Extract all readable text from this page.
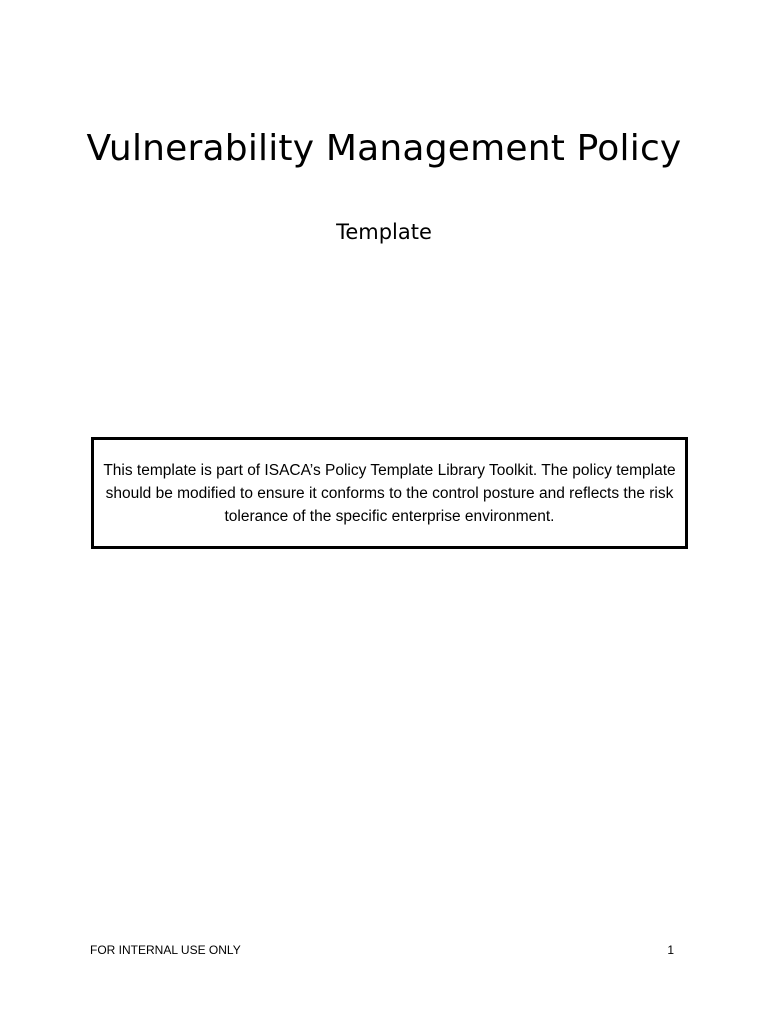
Vulnerability Management Policy
Template
This template is part of ISACA’s Policy Template Library Toolkit. The policy template should be modified to ensure it conforms to the control posture and reflects the risk tolerance of the specific enterprise environment.
FOR INTERNAL USE ONLY	1
